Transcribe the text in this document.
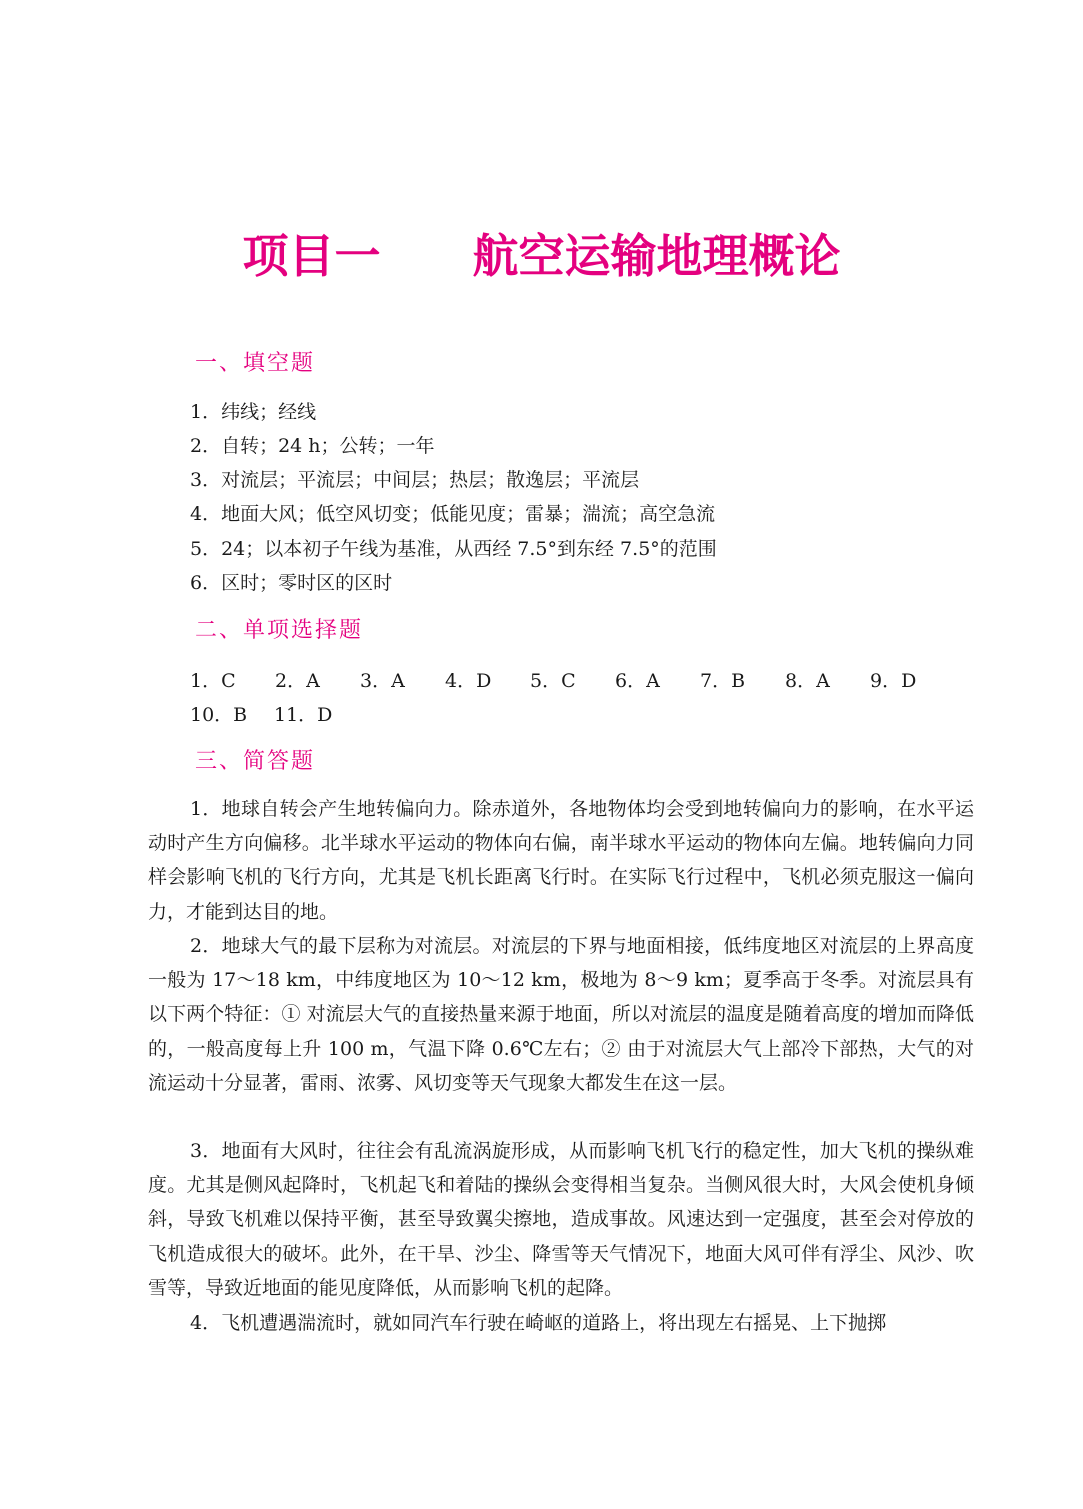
项目一　　航空运输地理概论
一、填空题
1．纬线；经线
2．自转；24 h；公转；一年
3．对流层；平流层；中间层；热层；散逸层；平流层
4．地面大风；低空风切变；低能见度；雷暴；湍流；高空急流
5．24；以本初子午线为基准，从西经 7.5°到东经 7.5°的范围
6．区时；零时区的区时
二、单项选择题
1．C 2．A 3．A 4．D 5．C 6．A 7．B 8．A 9．D
10．B 11．D
三、简答题

1．地球自转会产生地转偏向力。除赤道外，各地物体均会受到地转偏向力的影响，在水平运动时产生方向偏移。北半球水平运动的物体向右偏，南半球水平运动的物体向左偏。地转偏向力同样会影响飞机的飞行方向，尤其是飞机长距离飞行时。在实际飞行过程中，飞机必须克服这一偏向力，才能到达目的地。

2．地球大气的最下层称为对流层。对流层的下界与地面相接，低纬度地区对流层的上界高度一般为 17～18 km，中纬度地区为 10～12 km，极地为 8～9 km；夏季高于冬季。对流层具有以下两个特征：① 对流层大气的直接热量来源于地面，所以对流层的温度是随着高度的增加而降低的，一般高度每上升 100 m，气温下降 0.6℃左右；② 由于对流层大气上部冷下部热，大气的对流运动十分显著，雷雨、浓雾、风切变等天气现象大都发生在这一层。

3．地面有大风时，往往会有乱流涡旋形成，从而影响飞机飞行的稳定性，加大飞机的操纵难度。尤其是侧风起降时，飞机起飞和着陆的操纵会变得相当复杂。当侧风很大时，大风会使机身倾斜，导致飞机难以保持平衡，甚至导致翼尖擦地，造成事故。风速达到一定强度，甚至会对停放的飞机造成很大的破坏。此外，在干旱、沙尘、降雪等天气情况下，地面大风可伴有浮尘、风沙、吹雪等，导致近地面的能见度降低，从而影响飞机的起降。

4．飞机遭遇湍流时，就如同汽车行驶在崎岖的道路上，将出现左右摇晃、上下抛掷
